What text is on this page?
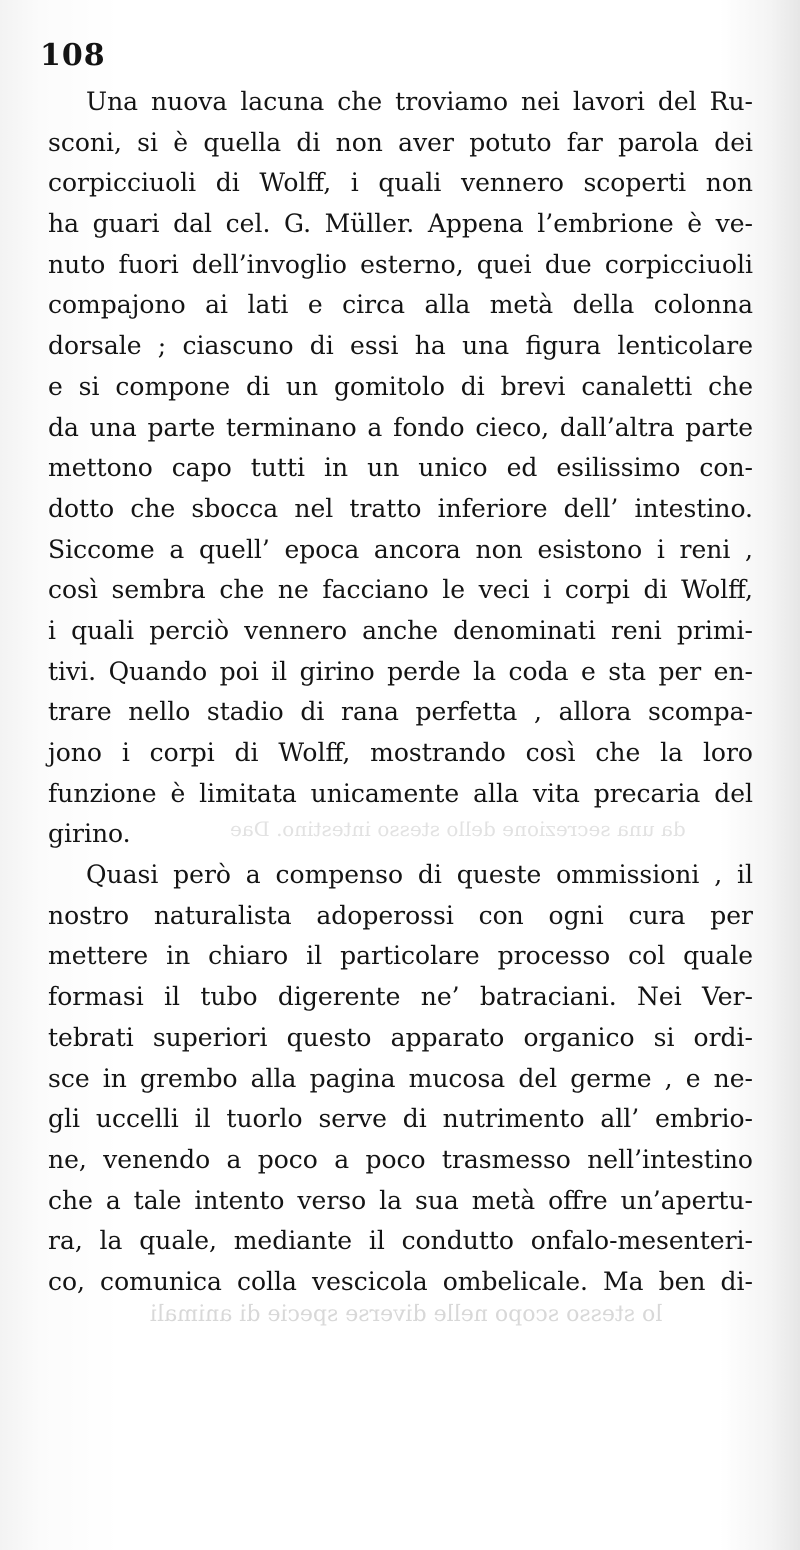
da una secrezione dello stesso intestino. Dae
lo stesso scopo nelle diverse specie di animali
108
Una nuova lacuna che troviamo nei lavori del Ru-
sconi, si è quella di non aver potuto far parola dei
corpicciuoli di Wolff, i quali vennero scoperti non
ha guari dal cel. G. Müller. Appena l’embrione è ve-
nuto fuori dell’invoglio esterno, quei due corpicciuoli
compajono ai lati e circa alla metà della colonna
dorsale ; ciascuno di essi ha una figura lenticolare
e si compone di un gomitolo di brevi canaletti che
da una parte terminano a fondo cieco, dall’altra parte
mettono capo tutti in un unico ed esilissimo con-
dotto che sbocca nel tratto inferiore dell’ intestino.
Siccome a quell’ epoca ancora non esistono i reni ,
così sembra che ne facciano le veci i corpi di Wolff,
i quali perciò vennero anche denominati reni primi-
tivi. Quando poi il girino perde la coda e sta per en-
trare nello stadio di rana perfetta , allora scompa-
jono i corpi di Wolff, mostrando così che la loro
funzione è limitata unicamente alla vita precaria del
girino.
Quasi però a compenso di queste ommissioni , il
nostro naturalista adoperossi con ogni cura per
mettere in chiaro il particolare processo col quale
formasi il tubo digerente ne’ batraciani. Nei Ver-
tebrati superiori questo apparato organico si ordi-
sce in grembo alla pagina mucosa del germe , e ne-
gli uccelli il tuorlo serve di nutrimento all’ embrio-
ne, venendo a poco a poco trasmesso nell’intestino
che a tale intento verso la sua metà offre un’apertu-
ra, la quale, mediante il condutto onfalo-mesenteri-
co, comunica colla vescicola ombelicale. Ma ben di-
